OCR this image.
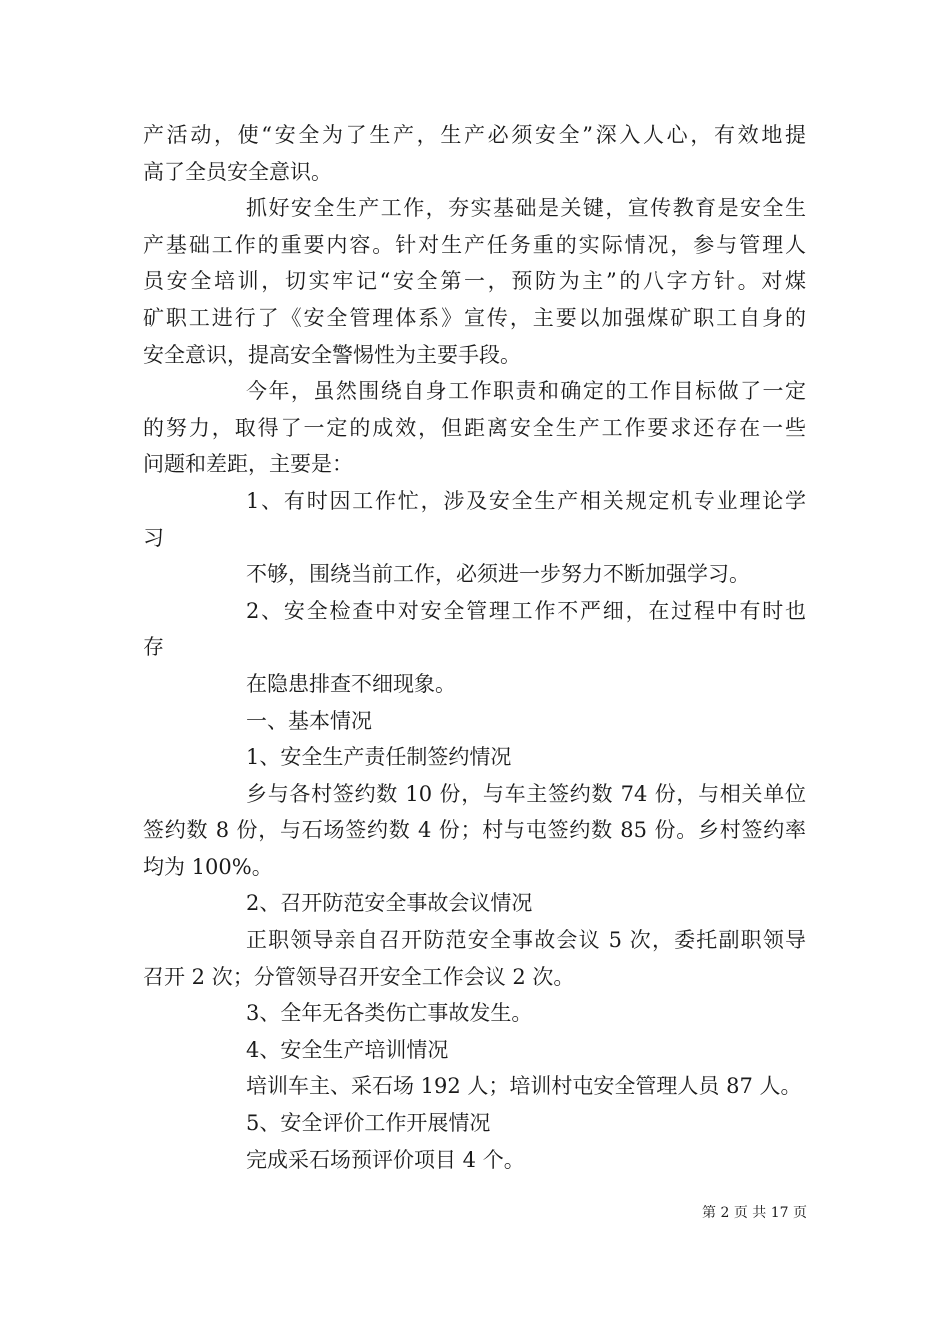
产活动，使“安全为了生产，生产必须安全”深入人心，有效地提
高了全员安全意识。
抓好安全生产工作，夯实基础是关键，宣传教育是安全生
产基础工作的重要内容。针对生产任务重的实际情况，参与管理人
员安全培训，切实牢记“安全第一，预防为主”的八字方针。对煤
矿职工进行了《安全管理体系》宣传，主要以加强煤矿职工自身的
安全意识，提高安全警惕性为主要手段。
今年，虽然围绕自身工作职责和确定的工作目标做了一定
的努力，取得了一定的成效，但距离安全生产工作要求还存在一些
问题和差距，主要是：
1、有时因工作忙，涉及安全生产相关规定机专业理论学
习
不够，围绕当前工作，必须进一步努力不断加强学习。
2、安全检查中对安全管理工作不严细，在过程中有时也
存
在隐患排查不细现象。
一、基本情况
1、安全生产责任制签约情况
乡与各村签约数 10 份，与车主签约数 74 份，与相关单位
签约数 8 份，与石场签约数 4 份；村与屯签约数 85 份。乡村签约率
均为 100%。
2、召开防范安全事故会议情况
正职领导亲自召开防范安全事故会议 5 次，委托副职领导
召开 2 次；分管领导召开安全工作会议 2 次。
3、全年无各类伤亡事故发生。
4、安全生产培训情况
培训车主、采石场 192 人；培训村屯安全管理人员 87 人。
5、安全评价工作开展情况
完成采石场预评价项目 4 个。
第 2 页 共 17 页
